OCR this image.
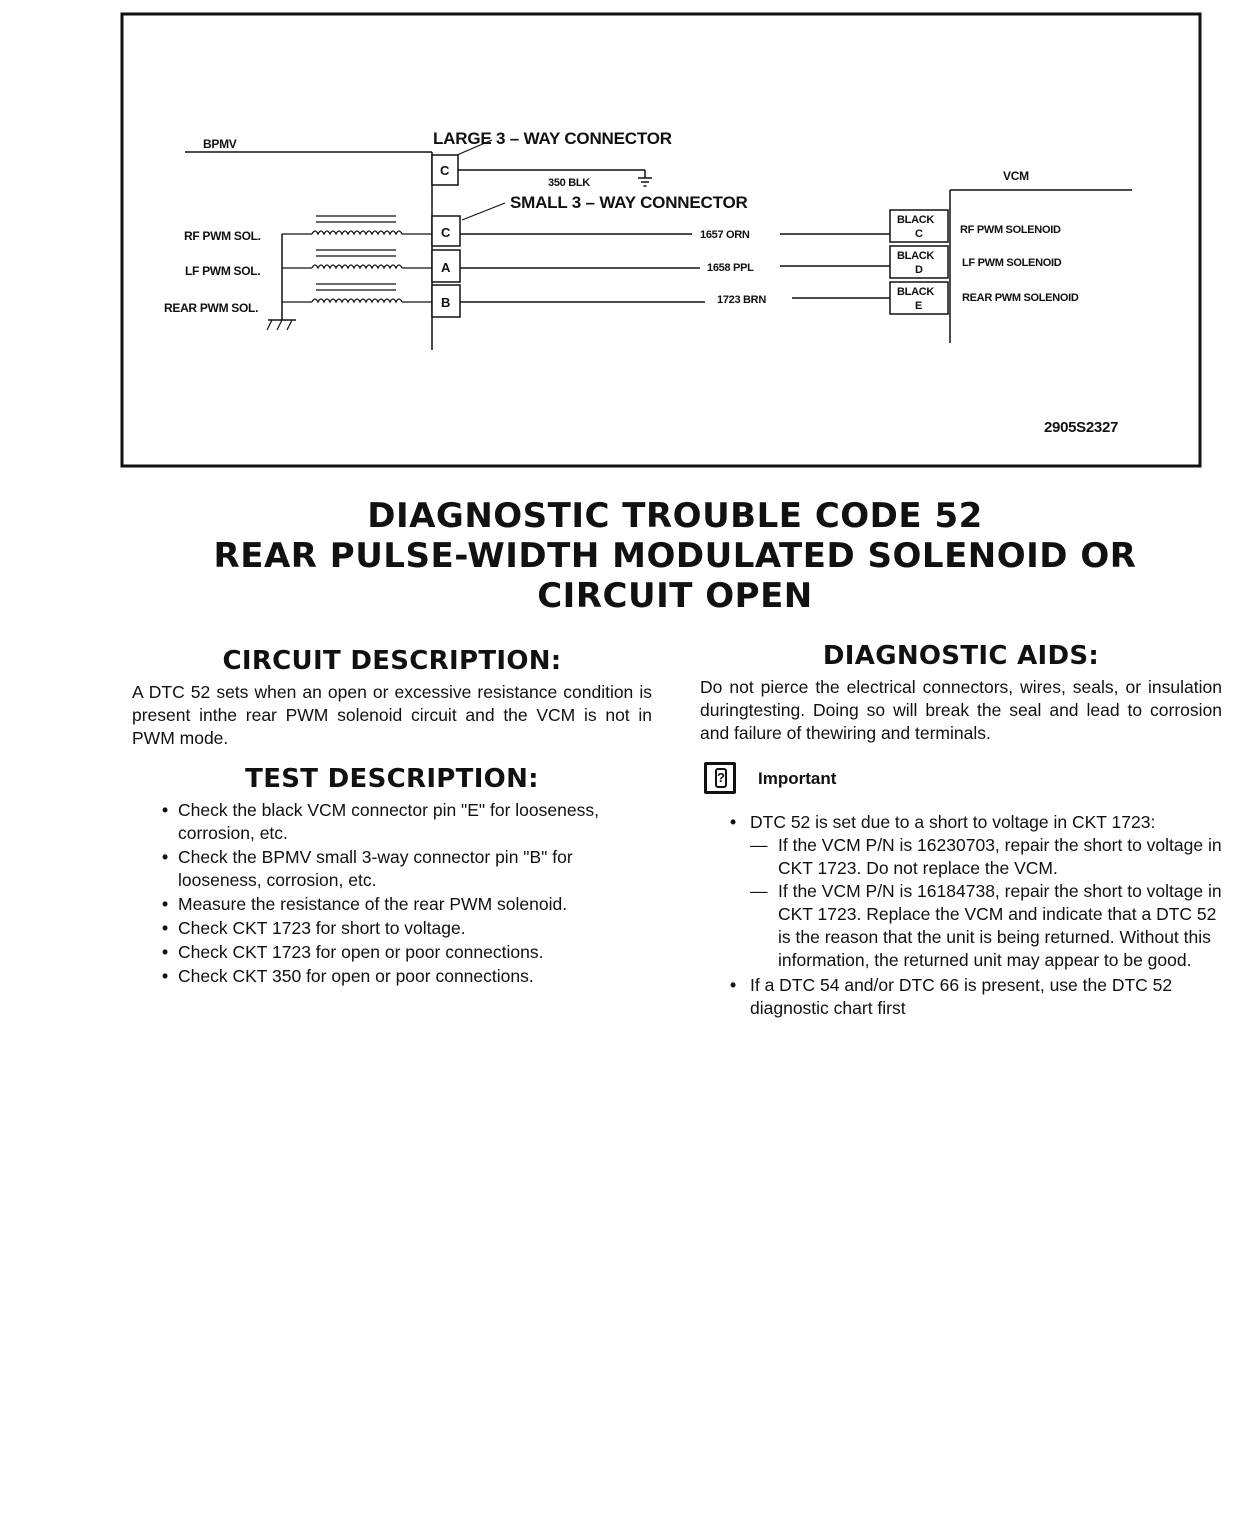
BPMV
C
LARGE 3 – WAY CONNECTOR
350 BLK
SMALL 3 – WAY CONNECTOR
C
A
B
RF PWM SOL.
LF PWM SOL.
REAR PWM SOL.
1657 ORN
1658 PPL
1723 BRN
VCM
BLACK
C
BLACK
D
BLACK
E
RF PWM SOLENOID
LF PWM SOLENOID
REAR PWM SOLENOID
2905S2327
DIAGNOSTIC TROUBLE CODE 52
REAR PULSE-WIDTH MODULATED SOLENOID OR
CIRCUIT OPEN
CIRCUIT DESCRIPTION:

A DTC 52 sets when an open or excessive resistance condition is present inthe rear PWM solenoid circuit and the VCM is not in PWM mode.

TEST DESCRIPTION:
• Check the black VCM connector pin "E" for looseness, corrosion, etc.
• Check the BPMV small 3-way connector pin "B" for looseness, corrosion, etc.
• Measure the resistance of the rear PWM solenoid.
• Check CKT 1723 for short to voltage.
• Check CKT 1723 for open or poor connections.
• Check CKT 350 for open or poor connections.
DIAGNOSTIC AIDS:

Do not pierce the electrical connectors, wires, seals, or insulation duringtesting. Doing so will break the seal and lead to corrosion and failure of thewiring and terminals.

? Important
• DTC 52 is set due to a short to voltage in CKT 1723:
— If the VCM P/N is 16230703, repair the short to voltage in CKT 1723. Do not replace the VCM.
— If the VCM P/N is 16184738, repair the short to voltage in CKT 1723. Replace the VCM and indicate that a DTC 52 is the reason that the unit is being returned. Without this information, the returned unit may appear to be good.
• If a DTC 54 and/or DTC 66 is present, use the DTC 52 diagnostic chart first
